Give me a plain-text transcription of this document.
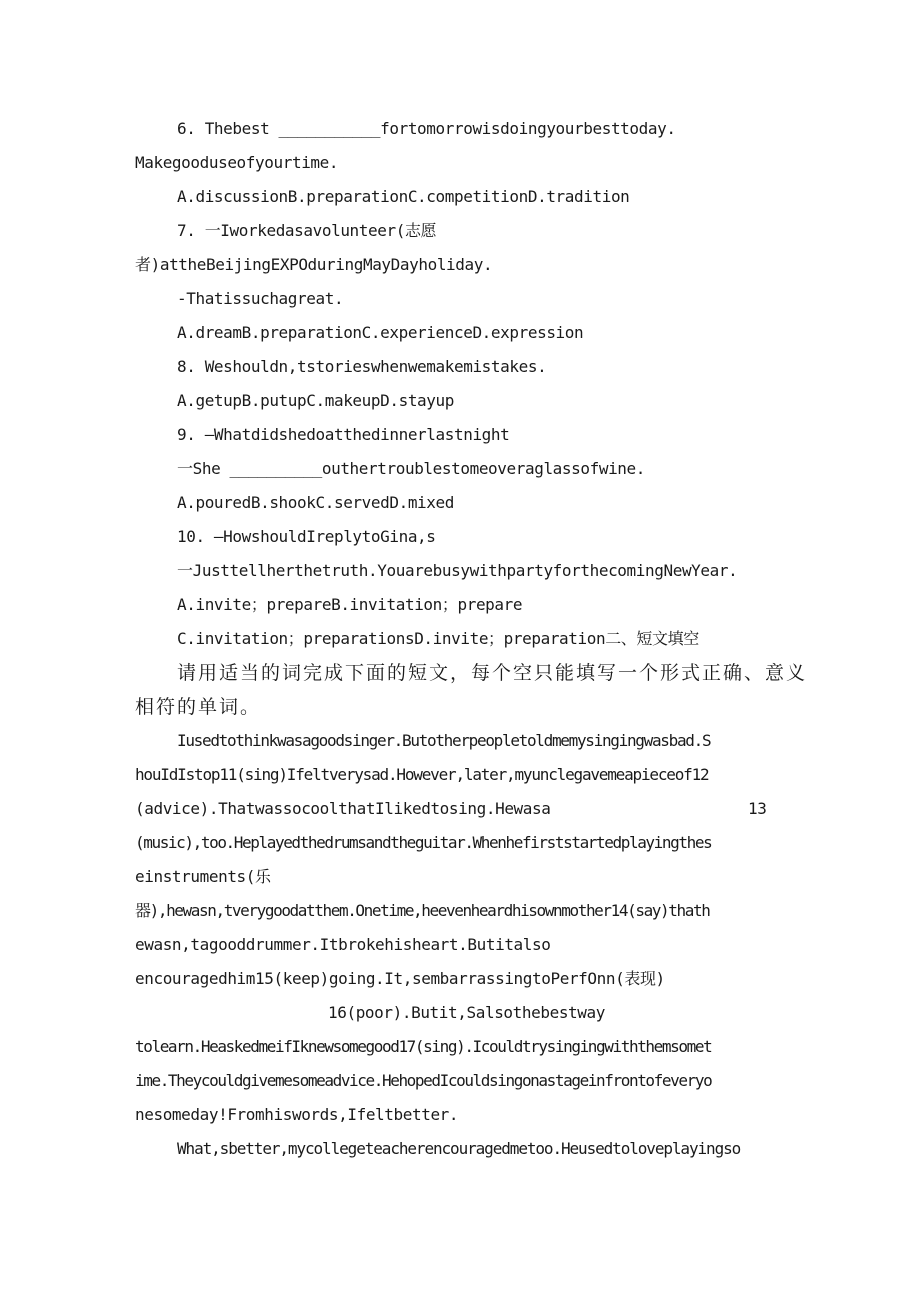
6. Thebest ___________fortomorrowisdoingyourbesttoday.
Makegooduseofyourtime.
A.discussionB.preparationC.competitionD.tradition
7. 一Iworkedasavolunteer(志愿
者)attheBeijingEXPOduringMayDayholiday.
-Thatissuchagreat.
A.dreamB.preparationC.experienceD.expression
8. Weshouldn,tstorieswhenwemakemistakes.
A.getupB.putupC.makeupD.stayup
9. —Whatdidshedoatthedinnerlastnight
一She __________outhertroublestomeoveraglassofwine.
A.pouredB.shookC.servedD.mixed
10. —HowshouldIreplytoGina,s
一Justtellherthetruth.YouarebusywithpartyforthecomingNewYear.
A.invite；prepareB.invitation；prepare
C.invitation；preparationsD.invite；preparation二、短文填空
请用适当的词完成下面的短文，每个空只能填写一个形式正确、意义
相符的单词。
Iusedtothinkwasagoodsinger.Butotherpeopletoldmemysingingwasbad.S
houIdIstop11(sing)Ifeltverysad.However,later,myunclegavemeapieceof12
(advice).ThatwassocoolthatIlikedtosing.Hewasa	13
(music),too.Heplayedthedrumsandtheguitar.Whenhefirststartedplayingthes
einstruments(乐
器),hewasn,tverygoodatthem.Onetime,heevenheardhisownmother14(say)thath
ewasn,tagooddrummer.Itbrokehisheart.Butitalso
encouragedhim15(keep)going.It,sembarrassingtoPerfOnn(表现)
16(poor).Butit,Salsothebestway
tolearn.HeaskedmeifIknewsomegood17(sing).Icouldtrysingingwiththemsomet
ime.Theycouldgivemesomeadvice.HehopedIcouldsingonastageinfrontofeveryo
nesomeday!Fromhiswords,Ifeltbetter.
What,sbetter,mycollegeteacherencouragedmetoo.Heusedtoloveplayingso
